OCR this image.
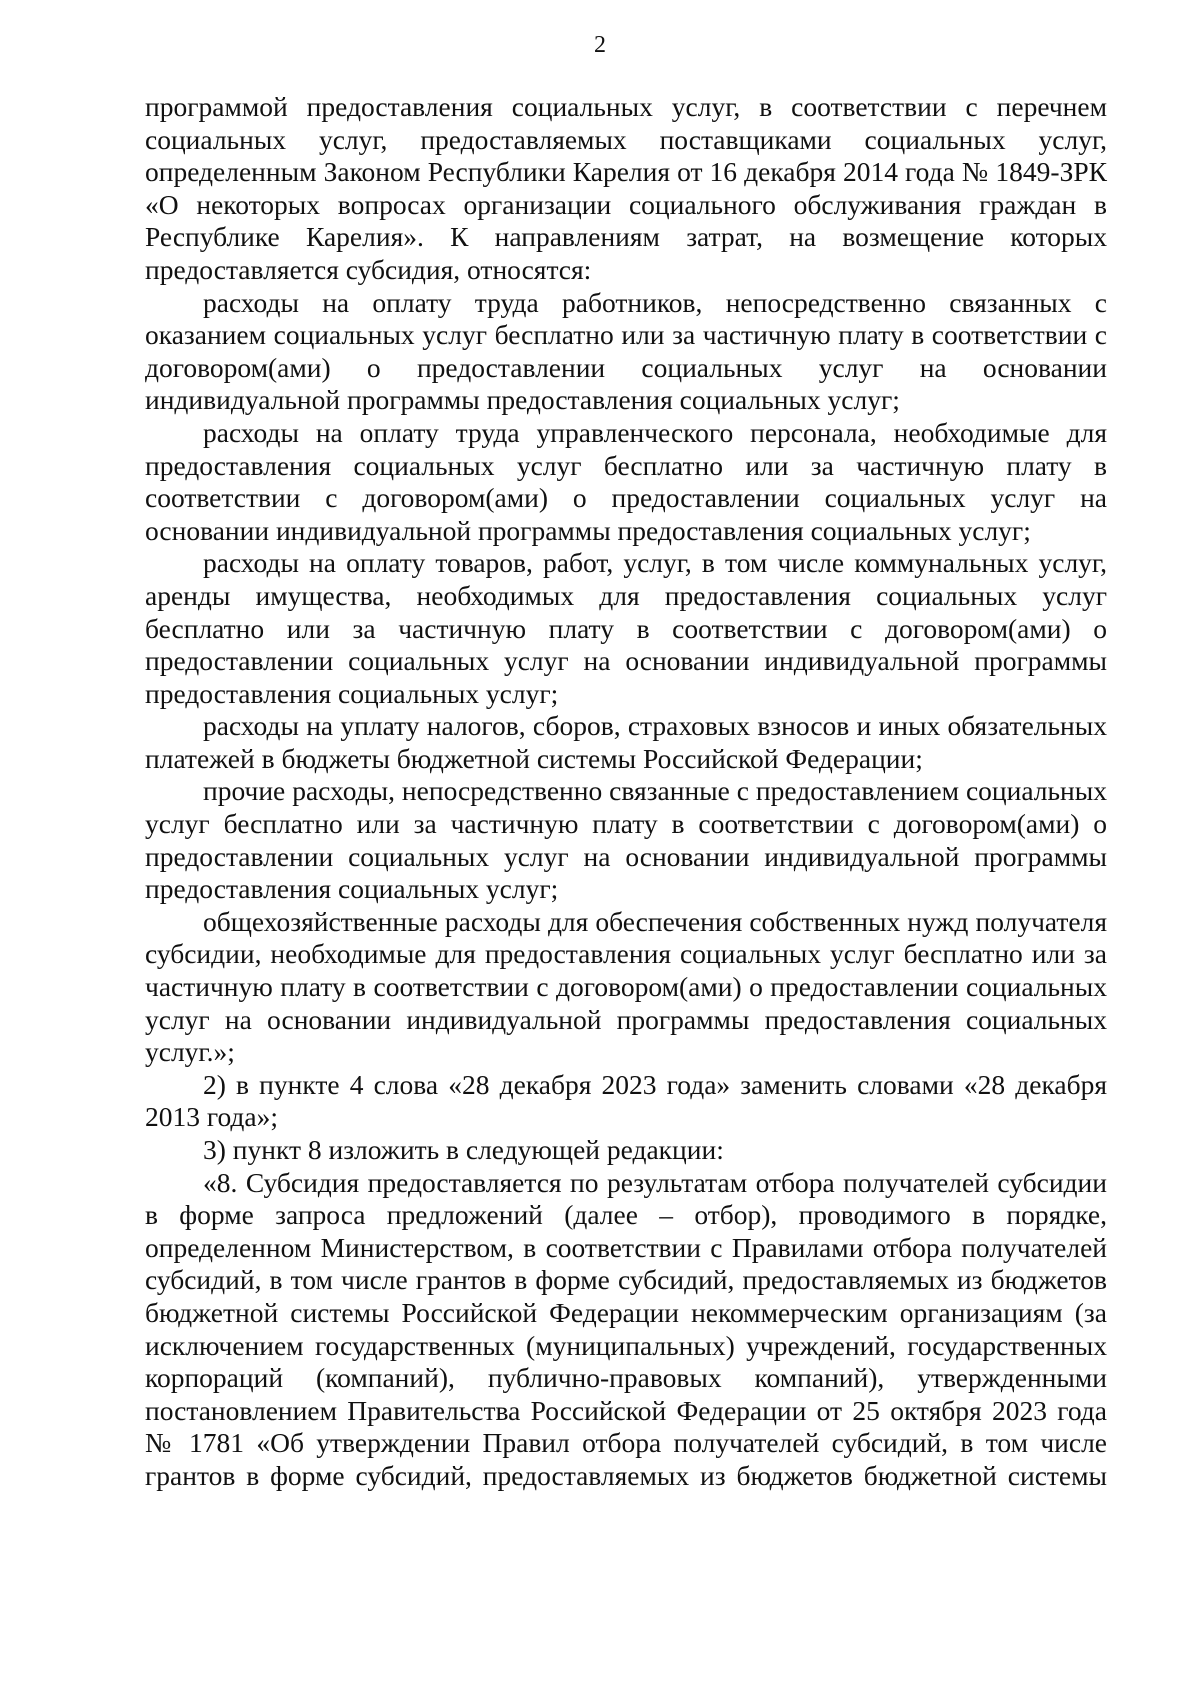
2

программой предоставления социальных услуг, в соответствии с перечнем социальных услуг, предоставляемых поставщиками социальных услуг, определенным Законом Республики Карелия от 16 декабря 2014 года № 1849-ЗРК «О некоторых вопросах организации социального обслуживания граждан в Республике Карелия». К направлениям затрат, на возмещение которых предоставляется субсидия, относятся:

расходы на оплату труда работников, непосредственно связанных с оказанием социальных услуг бесплатно или за частичную плату в соответствии с договором(ами) о предоставлении социальных услуг на основании индивидуальной программы предоставления социальных услуг;

расходы на оплату труда управленческого персонала, необходимые для предоставления социальных услуг бесплатно или за частичную плату в соответствии с договором(ами) о предоставлении социальных услуг на основании индивидуальной программы предоставления социальных услуг;

расходы на оплату товаров, работ, услуг, в том числе коммунальных услуг, аренды имущества, необходимых для предоставления социальных услуг бесплатно или за частичную плату в соответствии с договором(ами) о предоставлении социальных услуг на основании индивидуальной программы предоставления социальных услуг;

расходы на уплату налогов, сборов, страховых взносов и иных обязательных платежей в бюджеты бюджетной системы Российской Федерации;

прочие расходы, непосредственно связанные с предоставлением социальных услуг бесплатно или за частичную плату в соответствии с договором(ами) о предоставлении социальных услуг на основании индивидуальной программы предоставления социальных услуг;

общехозяйственные расходы для обеспечения собственных нужд получателя субсидии, необходимые для предоставления социальных услуг бесплатно или за частичную плату в соответствии с договором(ами) о предоставлении социальных услуг на основании индивидуальной программы предоставления социальных услуг.»;

2) в пункте 4 слова «28 декабря 2023 года» заменить словами «28 декабря 2013 года»;

3) пункт 8 изложить в следующей редакции:

«8. Субсидия предоставляется по результатам отбора получателей субсидии в форме запроса предложений (далее – отбор), проводимого в порядке, определенном Министерством, в соответствии с Правилами отбора получателей субсидий, в том числе грантов в форме субсидий, предоставляемых из бюджетов бюджетной системы Российской Федерации некоммерческим организациям (за исключением государственных (муниципальных) учреждений, государственных корпораций (компаний), публично-правовых компаний), утвержденными постановлением Правительства Российской Федерации от 25 октября 2023 года № 1781 «Об утверждении Правил отбора получателей субсидий, в том числе грантов в форме субсидий, предоставляемых из бюджетов бюджетной системы
